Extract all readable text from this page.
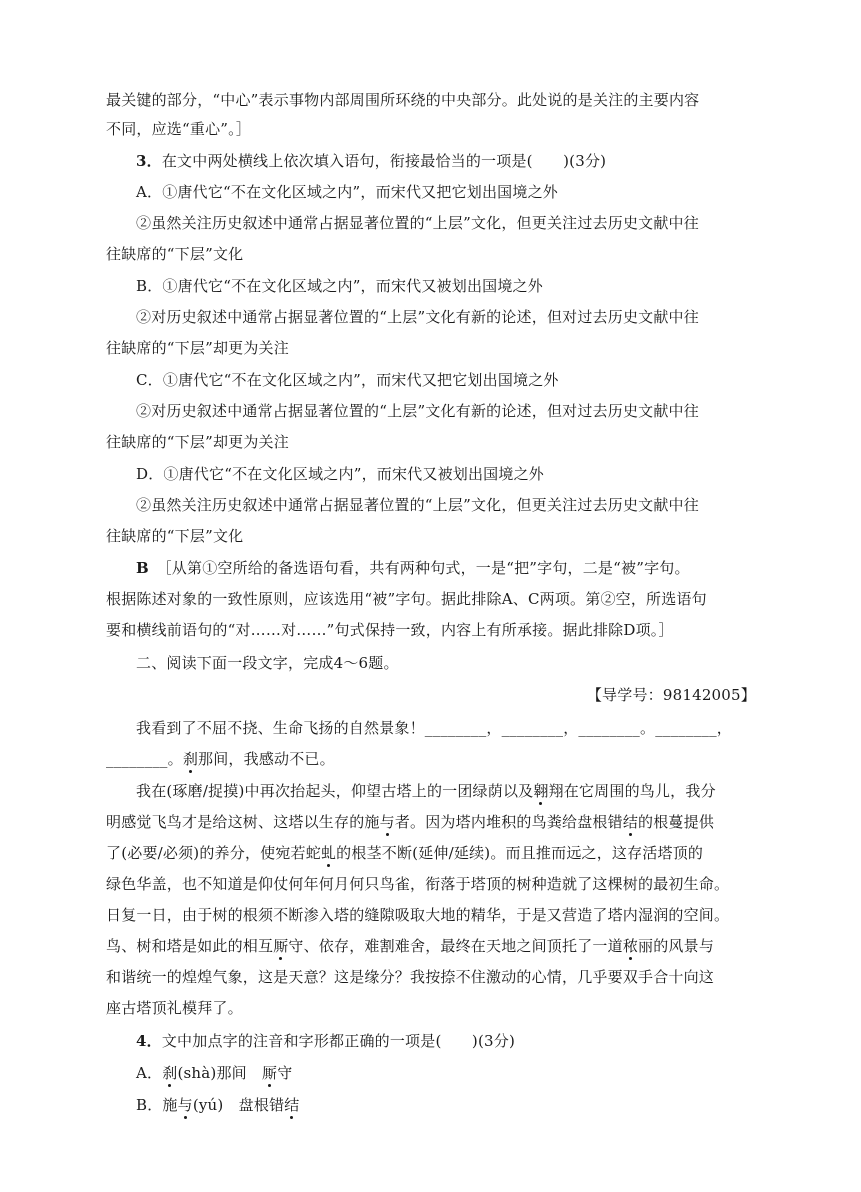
最关键的部分，“中心”表示事物内部周围所环绕的中央部分。此处说的是关注的主要内容
不同，应选“重心”。］
3．在文中两处横线上依次填入语句，衔接最恰当的一项是(　　)(3分)
A．①唐代它“不在文化区域之内”，而宋代又把它划出国境之外
②虽然关注历史叙述中通常占据显著位置的“上层”文化，但更关注过去历史文献中往
往缺席的“下层”文化
B．①唐代它“不在文化区域之内”，而宋代又被划出国境之外
②对历史叙述中通常占据显著位置的“上层”文化有新的论述，但对过去历史文献中往
往缺席的“下层”却更为关注
C．①唐代它“不在文化区域之内”，而宋代又把它划出国境之外
②对历史叙述中通常占据显著位置的“上层”文化有新的论述，但对过去历史文献中往
往缺席的“下层”却更为关注
D．①唐代它“不在文化区域之内”，而宋代又被划出国境之外
②虽然关注历史叙述中通常占据显著位置的“上层”文化，但更关注过去历史文献中往
往缺席的“下层”文化
B　 ［从第①空所给的备选语句看，共有两种句式，一是“把”字句，二是“被”字句。
根据陈述对象的一致性原则，应该选用“被”字句。据此排除A、C两项。第②空，所选语句
要和横线前语句的“对……对……”句式保持一致，内容上有所承接。据此排除D项。］
二、阅读下面一段文字，完成4～6题。
【导学号：98142005】
我看到了不屈不挠、生命飞扬的自然景象！________，________，________。________，
________。刹那间，我感动不已。
我在(琢磨/捉摸)中再次抬起头，仰望古塔上的一团绿荫以及翱翔在它周围的鸟儿，我分
明感觉飞鸟才是给这树、这塔以生存的施与者。因为塔内堆积的鸟粪给盘根错结的根蔓提供
了(必要/必须)的养分，使宛若蛇虬的根茎不断(延伸/延续)。而且推而远之，这存活塔顶的
绿色华盖，也不知道是仰仗何年何月何只鸟雀，衔落于塔顶的树种造就了这棵树的最初生命。
日复一日，由于树的根须不断渗入塔的缝隙吸取大地的精华，于是又营造了塔内湿润的空间。
鸟、树和塔是如此的相互厮守、依存，难割难舍，最终在天地之间顶托了一道秾丽的风景与
和谐统一的煌煌气象，这是天意？这是缘分？我按捺不住激动的心情，几乎要双手合十向这
座古塔顶礼模拜了。
4．文中加点字的注音和字形都正确的一项是(　　)(3分)
A．刹(shà)那间　厮守
B．施与(yú)　盘根错结
